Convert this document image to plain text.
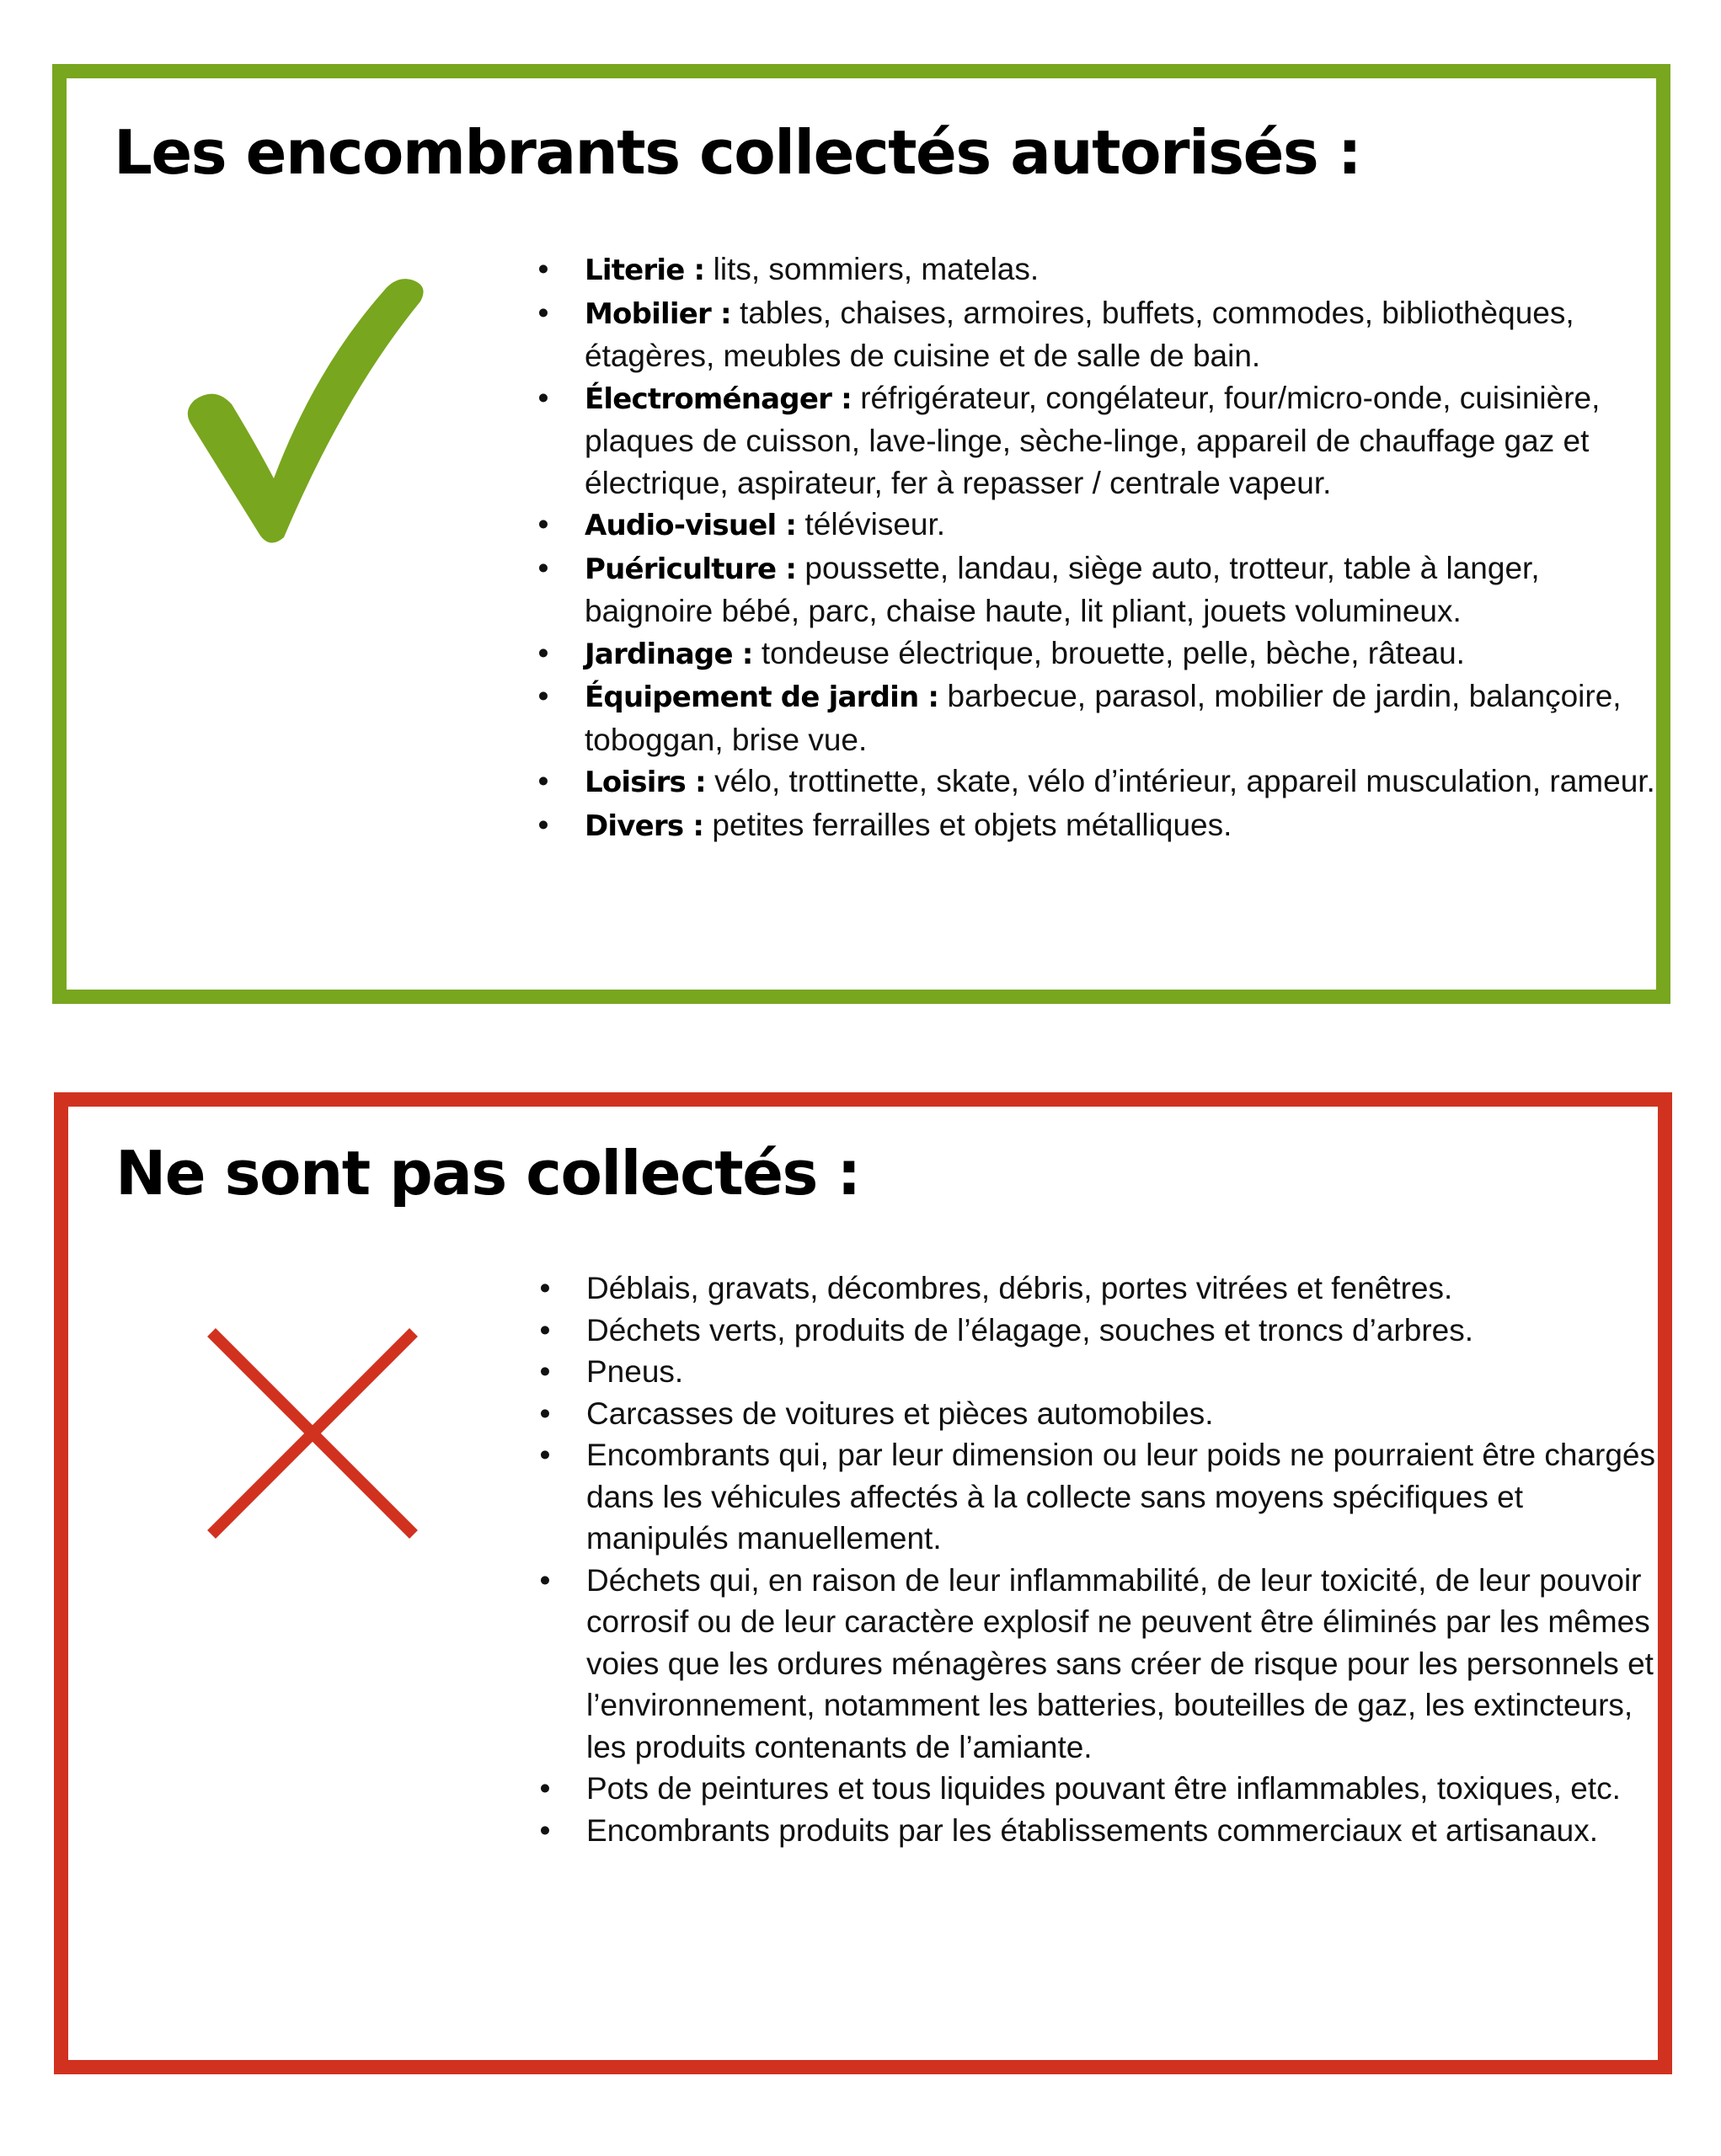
Les encombrants collectés autorisés :
• Literie : lits, sommiers, matelas.
• Mobilier : tables, chaises, armoires, buffets, commodes, bibliothèques, étagères, meubles de cuisine et de salle de bain.
• Électroménager : réfrigérateur, congélateur, four/micro-onde, cuisinière, plaques de cuisson, lave-linge, sèche-linge, appareil de chauffage gaz et électrique, aspirateur, fer à repasser / centrale vapeur.
• Audio-visuel : téléviseur.
• Puériculture : poussette, landau, siège auto, trotteur, table à langer, baignoire bébé, parc, chaise haute, lit pliant, jouets volumineux.
• Jardinage : tondeuse électrique, brouette, pelle, bèche, râteau.
• Équipement de jardin : barbecue, parasol, mobilier de jardin, balançoire, toboggan, brise vue.
• Loisirs : vélo, trottinette, skate, vélo d’intérieur, appareil musculation, rameur.
• Divers : petites ferrailles et objets métalliques.
Ne sont pas collectés :
• Déblais, gravats, décombres, débris, portes vitrées et fenêtres.
• Déchets verts, produits de l’élagage, souches et troncs d’arbres.
• Pneus.
• Carcasses de voitures et pièces automobiles.
• Encombrants qui, par leur dimension ou leur poids ne pourraient être chargés dans les véhicules affectés à la collecte sans moyens spécifiques et manipulés manuellement.
• Déchets qui, en raison de leur inflammabilité, de leur toxicité, de leur pouvoir corrosif ou de leur caractère explosif ne peuvent être éliminés par les mêmes voies que les ordures ménagères sans créer de risque pour les personnels et l’environnement, notamment les batteries, bouteilles de gaz, les extincteurs, les produits contenants de l’amiante.
• Pots de peintures et tous liquides pouvant être inflammables, toxiques, etc.
• Encombrants produits par les établissements commerciaux et artisanaux.
